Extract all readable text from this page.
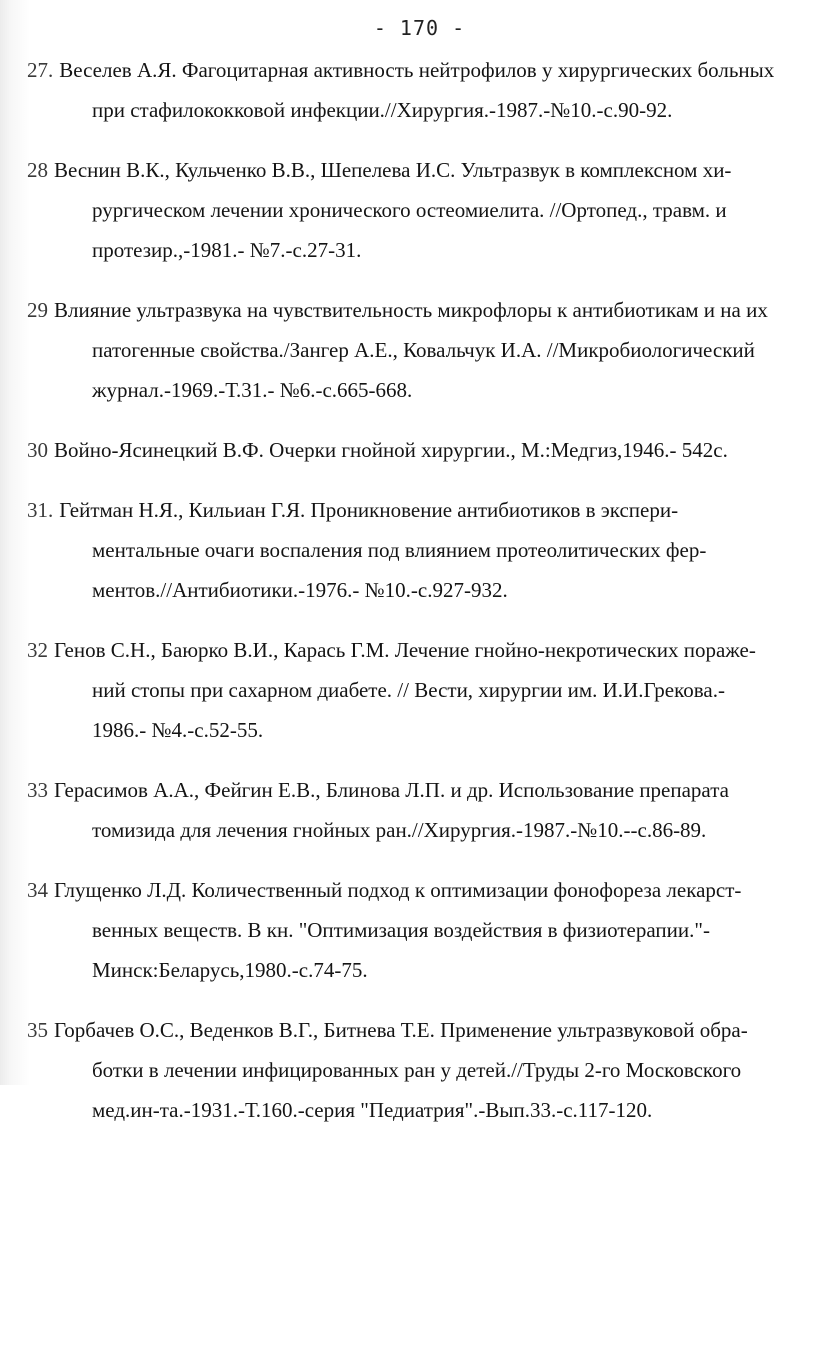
- 170 -
27. Веселев А.Я. Фагоцитарная активность нейтрофилов у хирургических больных
при стафилококковой инфекции.//Хирургия.-1987.-№10.-с.90-92.
28 Веснин В.К., Кульченко В.В., Шепелева И.С. Ультразвук в комплексном хи-
рургическом лечении хронического остеомиелита. //Ортопед., травм. и
протезир.,-1981.- №7.-с.27-31.
29 Влияние ультразвука на чувствительность микрофлоры к антибиотикам и на их
патогенные свойства./Зангер А.Е., Ковальчук И.А. //Микробиологический
журнал.-1969.-Т.31.- №6.-с.665-668.
30 Войно-Ясинецкий В.Ф. Очерки гнойной хирургии., М.:Медгиз,1946.- 542с.
31. Гейтман Н.Я., Кильиан Г.Я. Проникновение антибиотиков в экспери-
ментальные очаги воспаления под влиянием протеолитических фер-
ментов.//Антибиотики.-1976.- №10.-с.927-932.
32 Генов С.Н., Баюрко В.И., Карась Г.М. Лечение гнойно-некротических пораже-
ний стопы при сахарном диабете. // Вести, хирургии им. И.И.Грекова.-
1986.- №4.-с.52-55.
33 Герасимов А.А., Фейгин Е.В., Блинова Л.П. и др. Использование препарата
томизида для лечения гнойных ран.//Хирургия.-1987.-№10.--с.86-89.
34 Глущенко Л.Д. Количественный подход к оптимизации фонофореза лекарст-
венных веществ. В кн. "Оптимизация воздействия в физиотерапии."-
Минск:Беларусь,1980.-с.74-75.
35 Горбачев О.С., Веденков В.Г., Битнева Т.Е. Применение ультразвуковой обра-
ботки в лечении инфицированных ран у детей.//Труды 2-го Московского
мед.ин-та.-1931.-Т.160.-серия "Педиатрия".-Вып.33.-с.117-120.
